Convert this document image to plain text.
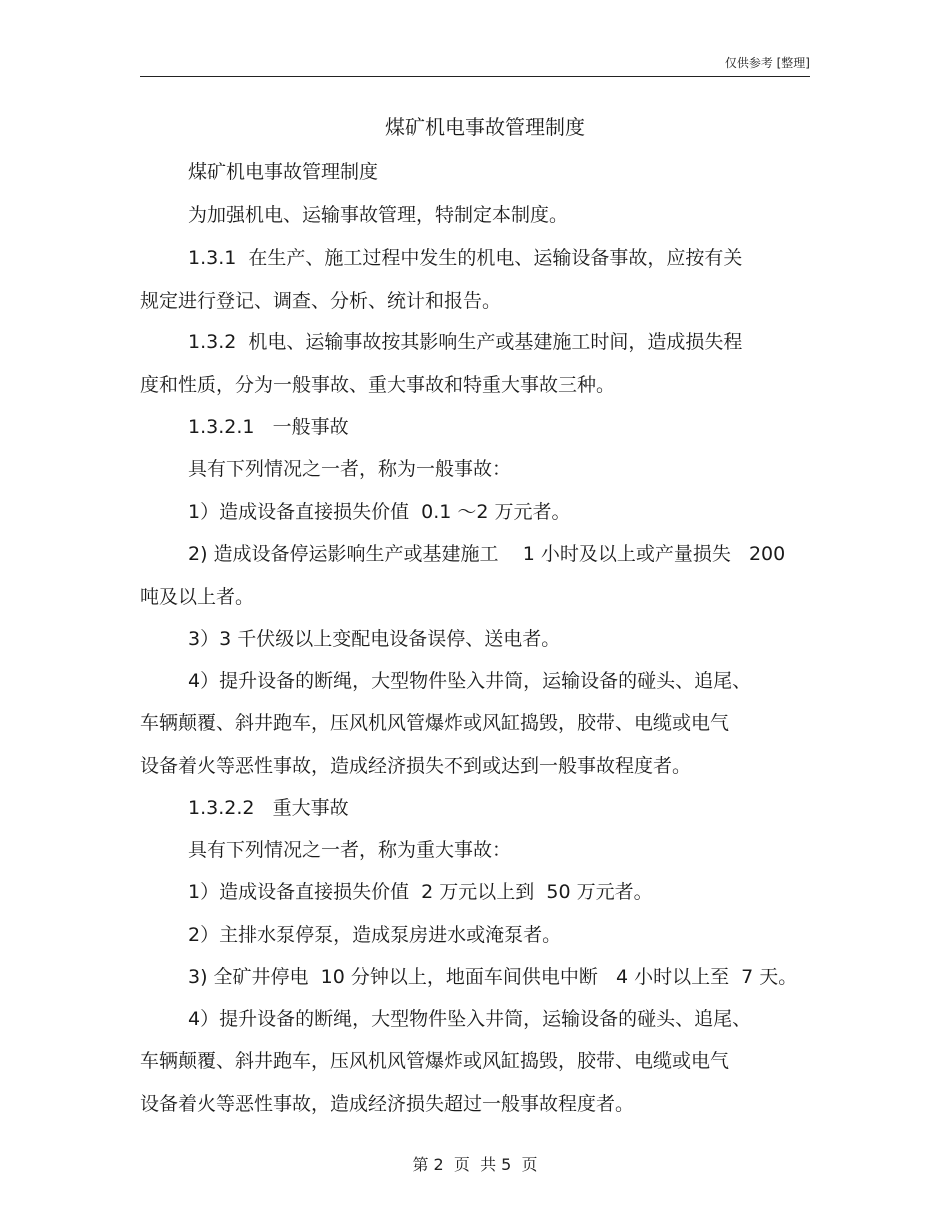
仅供参考 [整理]
煤矿机电事故管理制度
煤矿机电事故管理制度
为加强机电、运输事故管理，特制定本制度。
1.3.1  在生产、施工过程中发生的机电、运输设备事故，应按有关
规定进行登记、调查、分析、统计和报告。
1.3.2  机电、运输事故按其影响生产或基建施工时间，造成损失程
度和性质，分为一般事故、重大事故和特重大事故三种。
1.3.2.1   一般事故
具有下列情况之一者，称为一般事故：
1）造成设备直接损失价值  0.1 ～2 万元者。
2) 造成设备停运影响生产或基建施工    1 小时及以上或产量损失   200
吨及以上者。
3）3 千伏级以上变配电设备误停、送电者。
4）提升设备的断绳，大型物件坠入井筒，运输设备的碰头、追尾、
车辆颠覆、斜井跑车，压风机风管爆炸或风缸捣毁，胶带、电缆或电气
设备着火等恶性事故，造成经济损失不到或达到一般事故程度者。
1.3.2.2   重大事故
具有下列情况之一者，称为重大事故：
1）造成设备直接损失价值  2 万元以上到  50 万元者。
2）主排水泵停泵，造成泵房进水或淹泵者。
3) 全矿井停电  10 分钟以上，地面车间供电中断   4 小时以上至  7 天。
4）提升设备的断绳，大型物件坠入井筒，运输设备的碰头、追尾、
车辆颠覆、斜井跑车，压风机风管爆炸或风缸捣毁，胶带、电缆或电气
设备着火等恶性事故，造成经济损失超过一般事故程度者。
第 2  页  共 5  页
